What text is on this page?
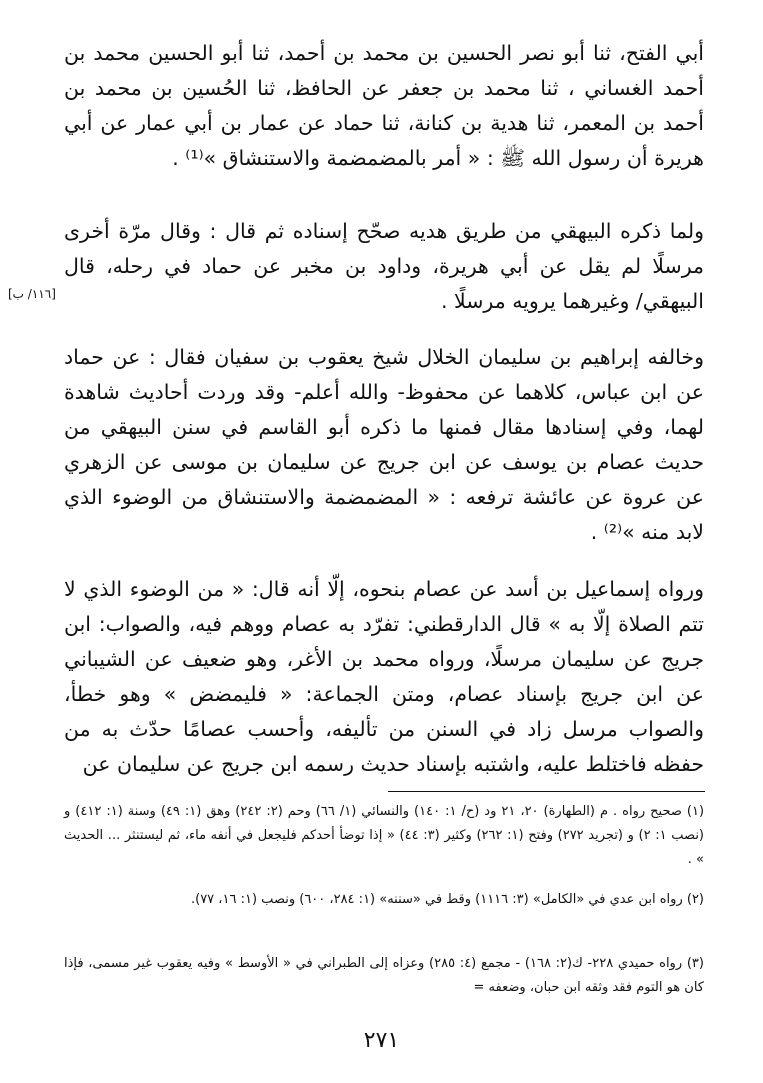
أبي الفتح، ثنا أبو نصر الحسين بن محمد بن أحمد، ثنا أبو الحسين محمد بن أحمد الغساني ، ثنا محمد بن جعفر عن الحافظ، ثنا الحُسين بن محمد بن أحمد بن المعمر، ثنا هدية بن كنانة، ثنا حماد عن عمار بن أبي عمار عن أبي هريرة أن رسول الله ﷺ : « أمر بالمضمضمة والاستنشاق »⁽¹⁾ .

ولما ذكره البيهقي من طريق هديه صحّح إسناده ثم قال : وقال مرّة أخرى مرسلًا لم يقل عن أبي هريرة، وداود بن مخبر عن حماد في رحله، قال البيهقي/ وغيرهما يرويه مرسلًا .

[١١٦/ ب]

وخالفه إبراهيم بن سليمان الخلال شيخ يعقوب بن سفيان فقال : عن حماد عن ابن عباس، كلاهما عن محفوظ- والله أعلم- وقد وردت أحاديث شاهدة لهما، وفي إسنادها مقال فمنها ما ذكره أبو القاسم في سنن البيهقي من حديث عصام بن يوسف عن ابن جريج عن سليمان بن موسى عن الزهري عن عروة عن عائشة ترفعه : « المضمضمة والاستنشاق من الوضوء الذي لابد منه »⁽²⁾ .

ورواه إسماعيل بن أسد عن عصام بنحوه، إلّا أنه قال: « من الوضوء الذي لا تتم الصلاة إلّا به » قال الدارقطني: تفرّد به عصام ووهم فيه، والصواب: ابن جريج عن سليمان مرسلًا، ورواه محمد بن الأغر، وهو ضعيف عن الشيباني عن ابن جريج بإسناد عصام، ومتن الجماعة: « فليمضض » وهو خطأ، والصواب مرسل زاد في السنن من تأليفه، وأحسب عصامًا حدّث به من حفظه فاختلط عليه، واشتبه بإسناد حديث رسمه ابن جريج عن سليمان عن

(١) صحيح رواه . م (الطهارة) ٢٠، ٢١ ود (ح/ ١: ١٤٠) والنسائي (١/ ٦٦) وحم (٢: ٢٤٢) وهق (١: ٤٩) وسنة (١: ٤١٢) و (نصب ١: ٢) و (تجريد ٢٧٢) وفتح (١: ٢٦٢) وكثير (٣: ٤٤) « إذا توضأ أحدكم فليجعل في أنفه ماء، ثم ليستنثر ... الحديث » .

(٢) رواه ابن عدي في «الكامل» (٣: ١١١٦) وقط في «سننه» (١: ٢٨٤، ٦٠٠) ونصب (١: ١٦، ٧٧).

(٣) رواه حميدي ٢٢٨- ك(٢: ١٦٨) - مجمع (٤: ٢٨٥) وعزاه إلى الطبراني في « الأوسط » وفيه يعقوب غير مسمى، فإذا كان هو التوم فقد وثقه ابن حبان، وضعفه =

٢٧١
